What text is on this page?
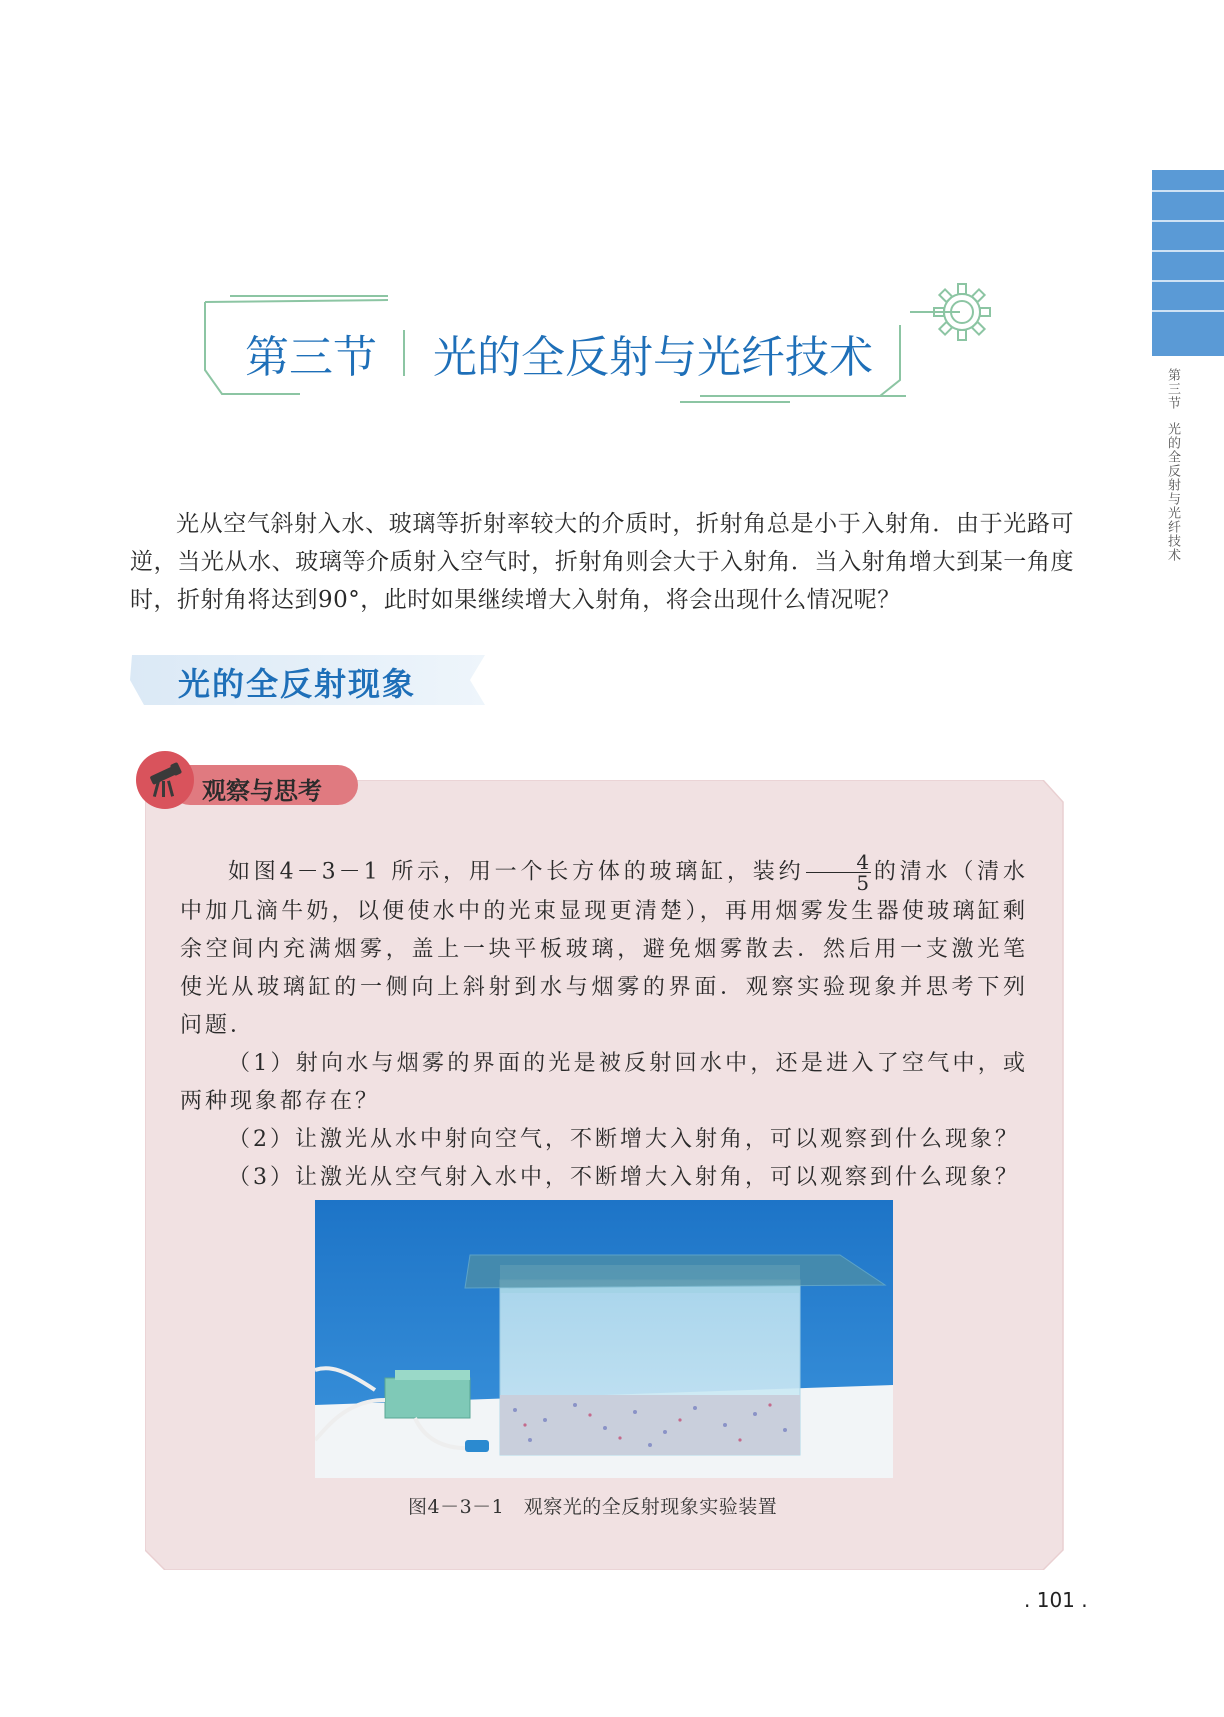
第三节光的全反射与光纤技术
第三节 光的全反射与光纤技术

光从空气斜射入水、玻璃等折射率较大的介质时，折射角总是小于入射角．由于光路可逆，当光从水、玻璃等介质射入空气时，折射角则会大于入射角．当入射角增大到某一角度时，折射角将达到90°，此时如果继续增大入射角，将会出现什么情况呢？

光的全反射现象
观察与思考

如图4－3－1 所示，用一个长方体的玻璃缸，装约 $\frac{4}{5}$ 的清水（清水中加几滴牛奶，以便使水中的光束显现更清楚），再用烟雾发生器使玻璃缸剩余空间内充满烟雾，盖上一块平板玻璃，避免烟雾散去．然后用一支激光笔使光从玻璃缸的一侧向上斜射到水与烟雾的界面．观察实验现象并思考下列问题．

（1）射向水与烟雾的界面的光是被反射回水中，还是进入了空气中，或两种现象都存在？

（2）让激光从水中射向空气，不断增大入射角，可以观察到什么现象？

（3）让激光从空气射入水中，不断增大入射角，可以观察到什么现象？

图4－3－1　观察光的全反射现象实验装置
. 101 .
